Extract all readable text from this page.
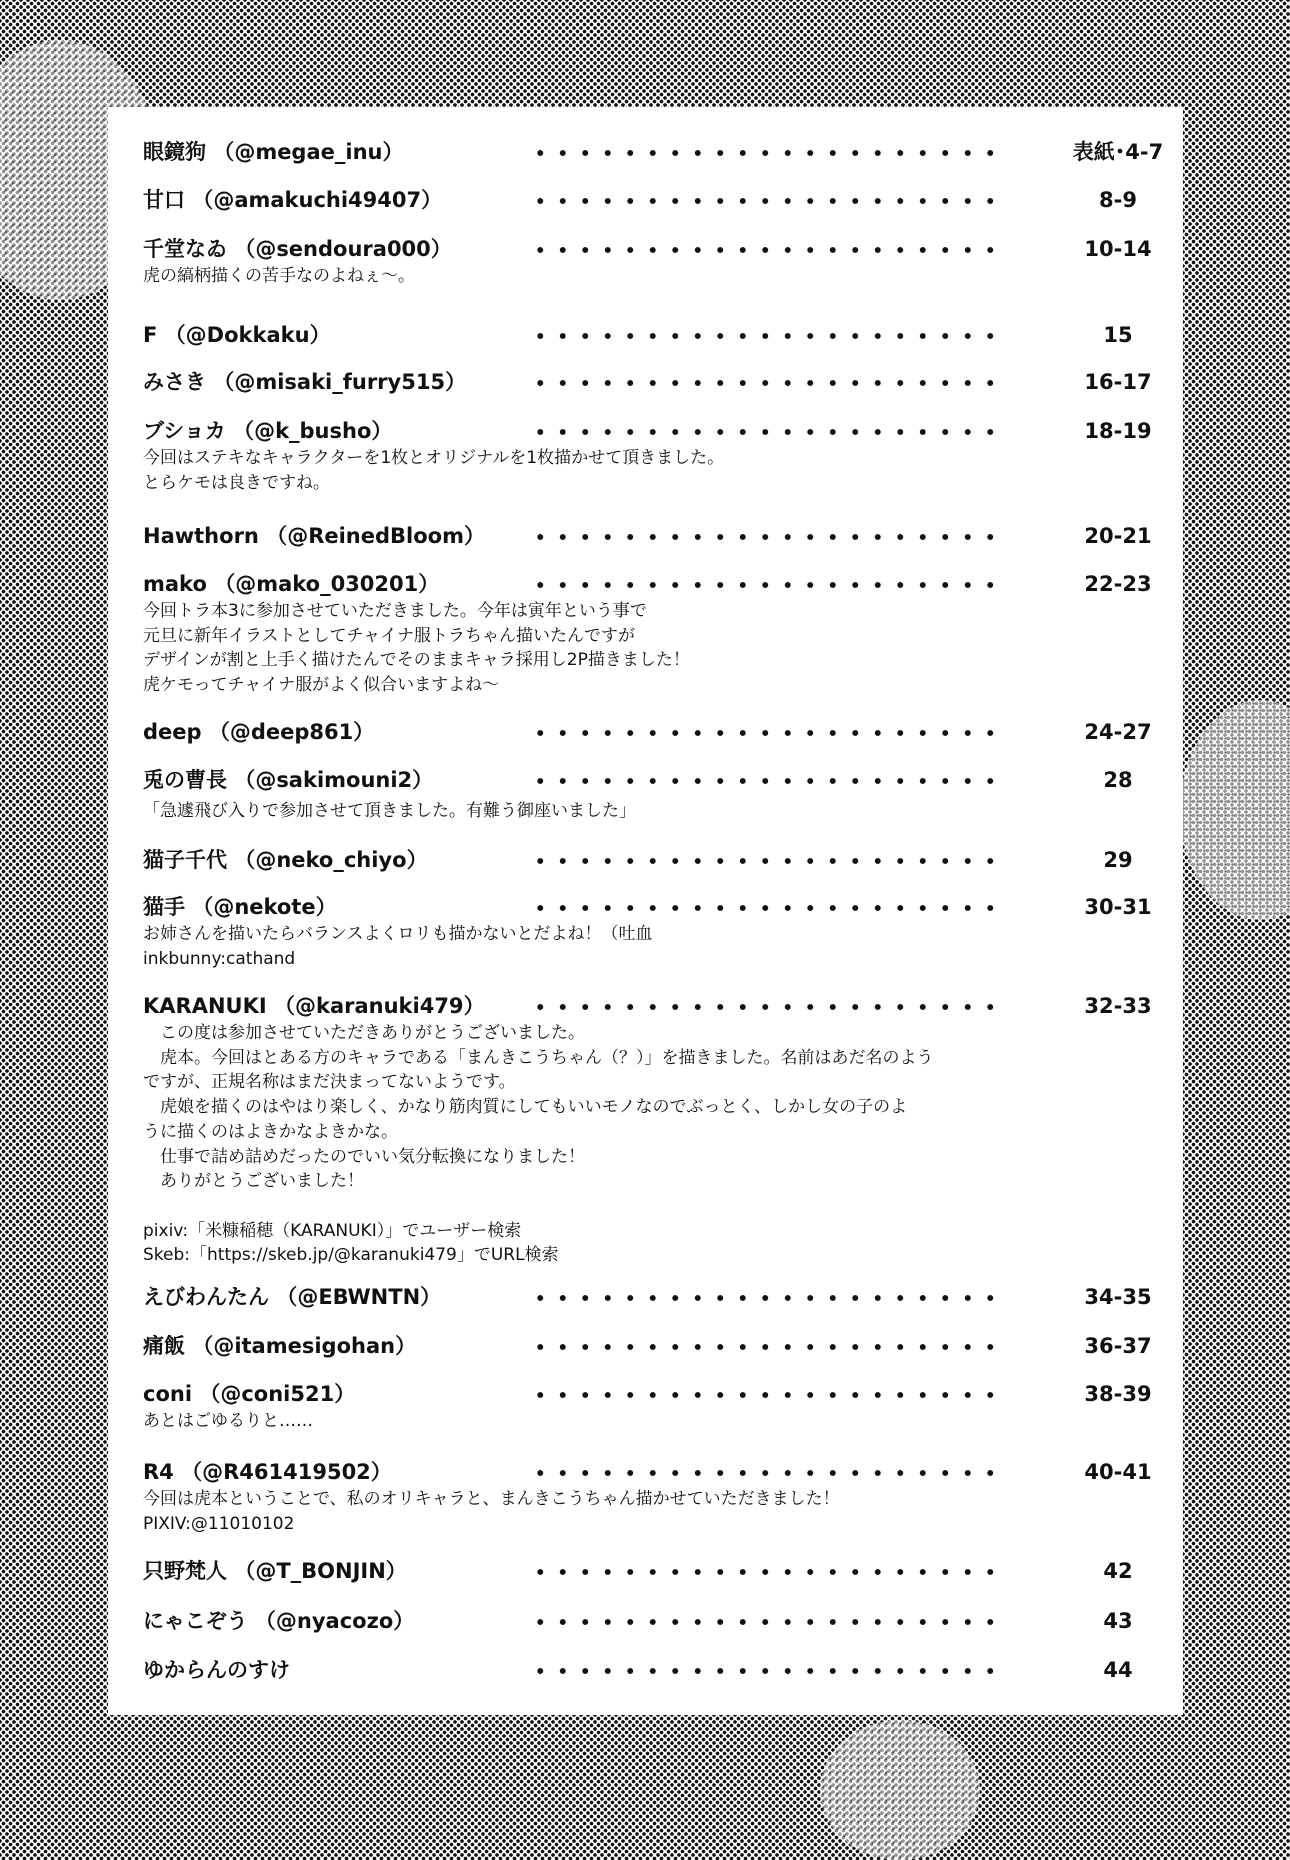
眼鏡狗 （ @megae_inu ）	表紙･4-7
甘口 （ @amakuchi49407 ）	8-9
千堂なゐ （ @sendoura000 ）	10-14
虎の縞柄描くの苦手なのよねぇ～。
F （ @Dokkaku ）	15
みさき （ @misaki_furry515 ）	16-17
ブショカ （ @k_busho ）	18-19
今回はステキなキャラクターを1枚とオリジナルを1枚描かせて頂きました。
とらケモは良きですね。
Hawthorn （ @ReinedBloom ）	20-21
mako （ @mako_030201 ）	22-23
今回トラ本3に参加させていただきました。今年は寅年という事で
元旦に新年イラストとしてチャイナ服トラちゃん描いたんですが
デザインが割と上手く描けたんでそのままキャラ採用し2P描きました！
虎ケモってチャイナ服がよく似合いますよね～
deep （ @deep861 ）	24-27
兎の曹長 （ @sakimouni2 ）	28
「急遽飛び入りで参加させて頂きました。有難う御座いました」
猫子千代 （ @neko_chiyo ）	29
猫手 （ @nekote ）	30-31
お姉さんを描いたらバランスよくロリも描かないとだよね！（吐血
inkbunny:cathand
KARANUKI （ @karanuki479 ）	32-33
　この度は参加させていただきありがとうございました。
　虎本。今回はとある方のキャラである「まんきこうちゃん（？）」を描きました。名前はあだ名のよう
ですが、正規名称はまだ決まってないようです。
　虎娘を描くのはやはり楽しく、かなり筋肉質にしてもいいモノなのでぶっとく、しかし女の子のよ
うに描くのはよきかなよきかな。
　仕事で詰め詰めだったのでいい気分転換になりました！
　ありがとうございました！
pixiv:「米糠稲穂（KARANUKI）」でユーザー検索
Skeb:「https://skeb.jp/@karanuki479」でURL検索
えびわんたん （ @EBWNTN ）	34-35
痛飯 （ @itamesigohan ）	36-37
coni （ @coni521 ）	38-39
あとはごゆるりと……
R4 （ @R461419502 ）	40-41
今回は虎本ということで、私のオリキャラと、まんきこうちゃん描かせていただきました！
PIXIV:@11010102
只野梵人 （ @T_BONJIN ）	42
にゃこぞう （ @nyacozo ）	43
ゆからんのすけ	44
